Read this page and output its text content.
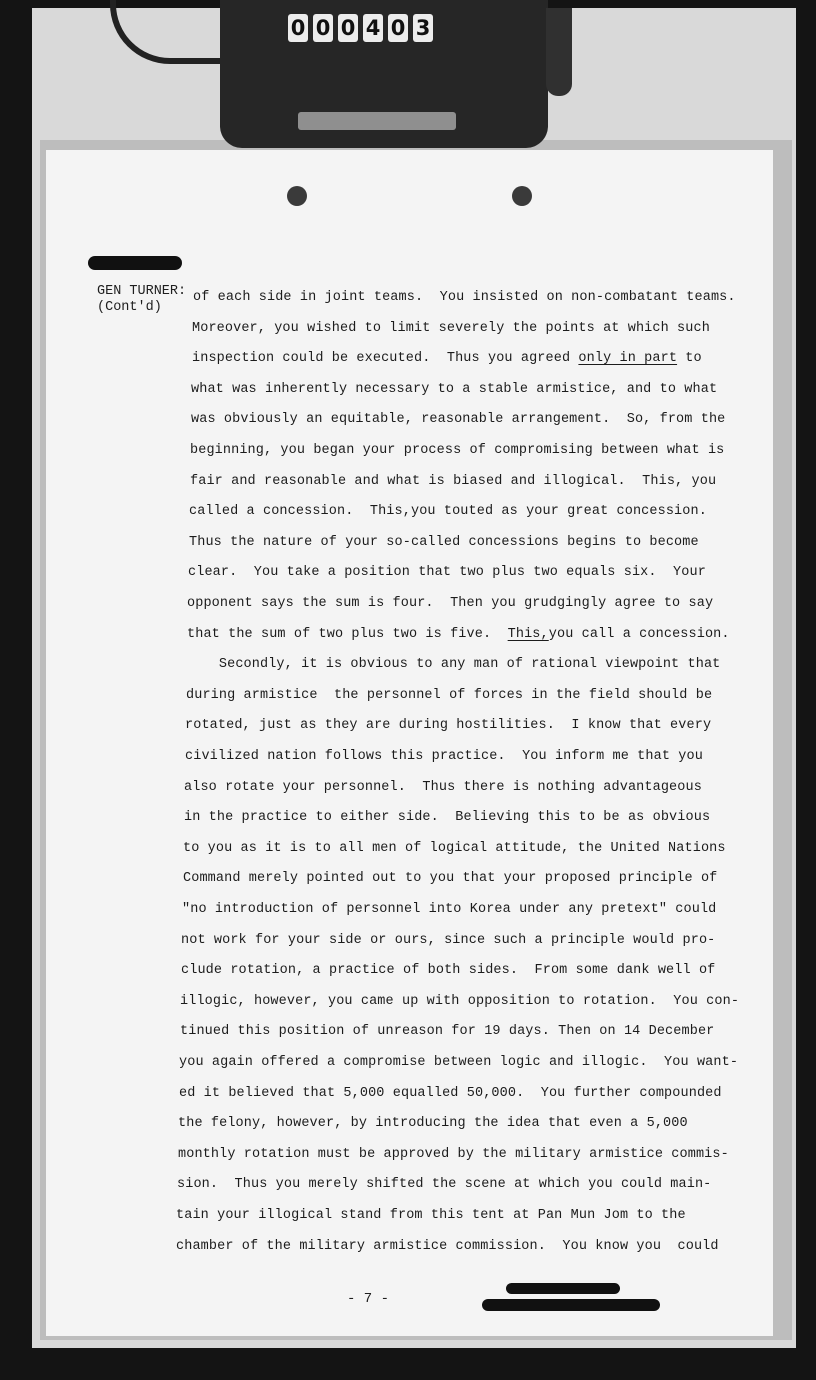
0 0 0 4 0 3
GEN TURNER:
(Cont'd)
of each side in joint teams.  You insisted on non-combatant teams.
Moreover, you wished to limit severely the points at which such
inspection could be executed.  Thus you agreed only in part to
what was inherently necessary to a stable armistice, and to what
was obviously an equitable, reasonable arrangement.  So, from the
beginning, you began your process of compromising between what is
fair and reasonable and what is biased and illogical.  This, you
called a concession.  This,you touted as your great concession.
Thus the nature of your so-called concessions begins to become
clear.  You take a position that two plus two equals six.  Your
opponent says the sum is four.  Then you grudgingly agree to say
that the sum of two plus two is five.  This,you call a concession.
Secondly, it is obvious to any man of rational viewpoint that
during armistice  the personnel of forces in the field should be
rotated, just as they are during hostilities.  I know that every
civilized nation follows this practice.  You inform me that you
also rotate your personnel.  Thus there is nothing advantageous
in the practice to either side.  Believing this to be as obvious
to you as it is to all men of logical attitude, the United Nations
Command merely pointed out to you that your proposed principle of
"no introduction of personnel into Korea under any pretext" could
not work for your side or ours, since such a principle would pro-
clude rotation, a practice of both sides.  From some dank well of
illogic, however, you came up with opposition to rotation.  You con-
tinued this position of unreason for 19 days. Then on 14 December
you again offered a compromise between logic and illogic.  You want-
ed it believed that 5,000 equalled 50,000.  You further compounded
the felony, however, by introducing the idea that even a 5,000
monthly rotation must be approved by the military armistice commis-
sion.  Thus you merely shifted the scene at which you could main-
tain your illogical stand from this tent at Pan Mun Jom to the
chamber of the military armistice commission.  You know you  could
- 7 -
